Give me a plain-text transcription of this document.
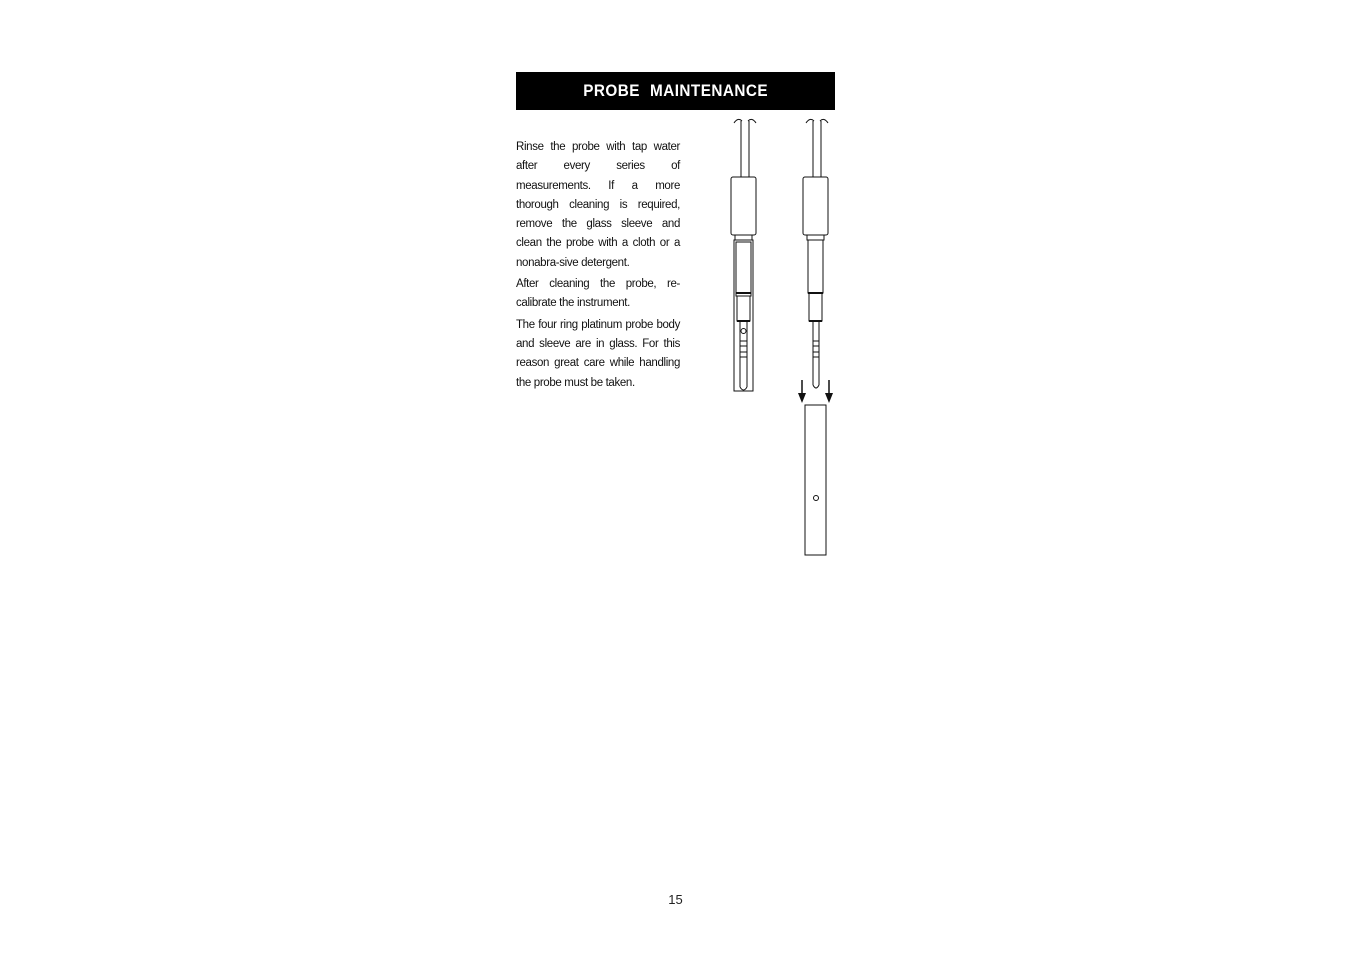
PROBE MAINTENANCE

Rinse the probe with tap water after every series of measurements. If a more thorough cleaning is required, remove the glass sleeve and clean the probe with a cloth or a nonabra-sive detergent.

After cleaning the probe, re-calibrate the instrument.

The four ring platinum probe body and sleeve are in glass. For this reason great care while handling the probe must be taken.

15
